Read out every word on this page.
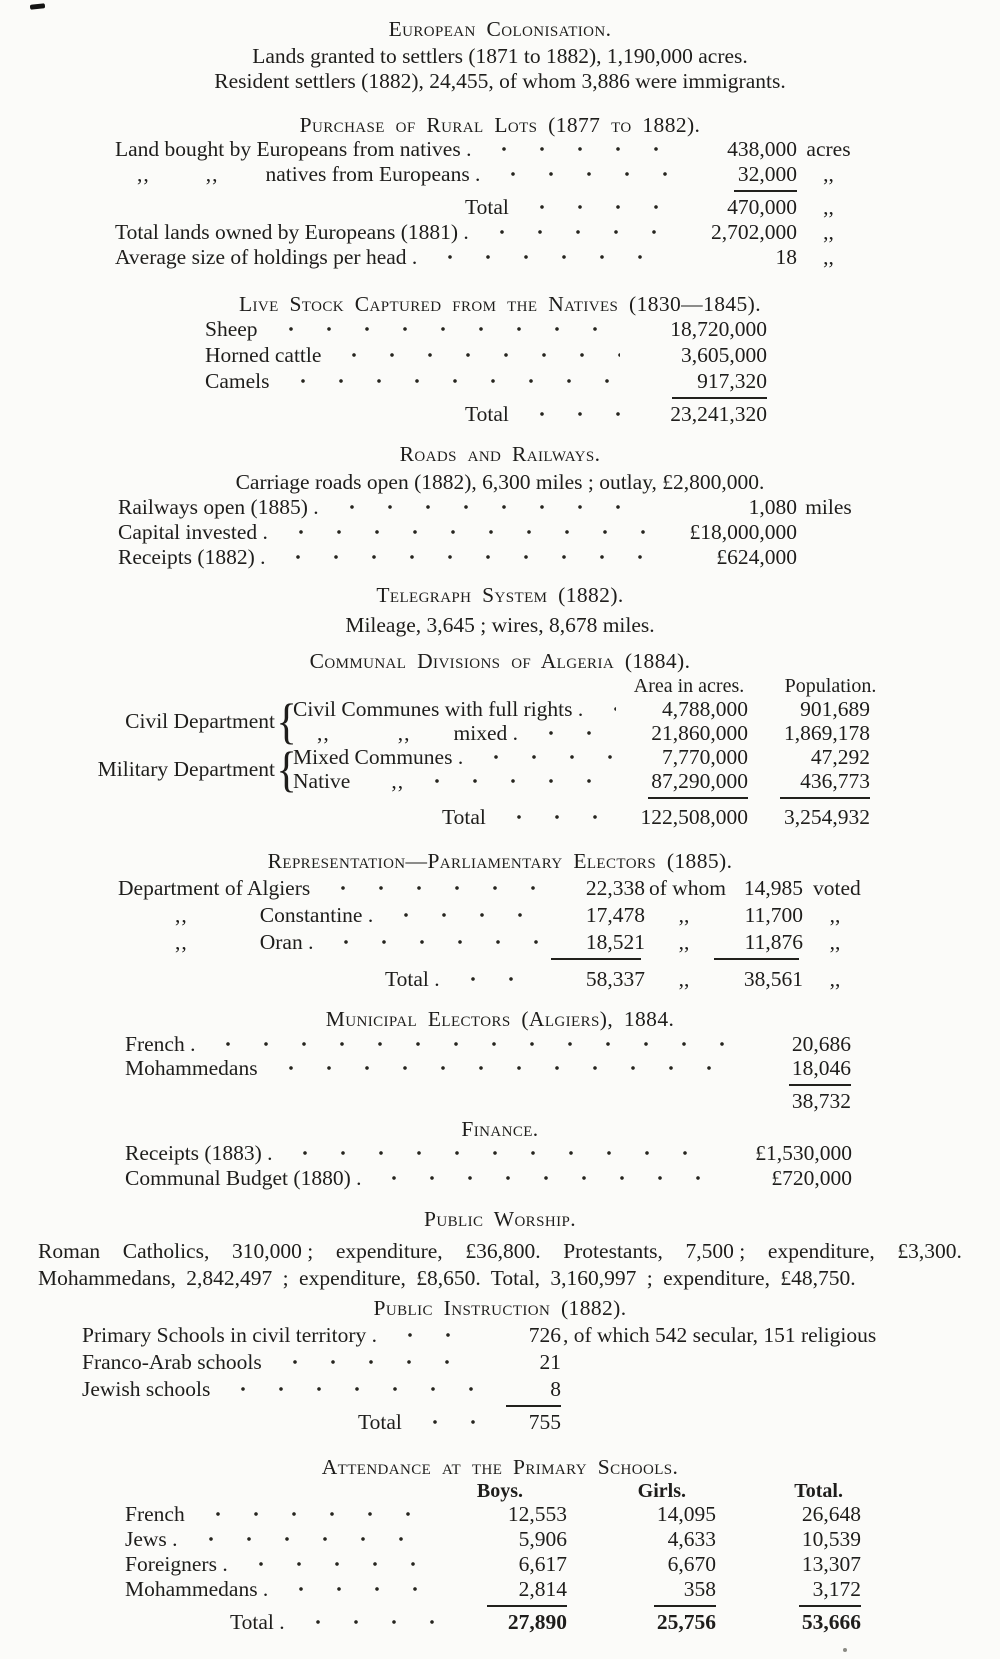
European Colonisation.
Lands granted to settlers (1871 to 1882), 1,190,000 acres.
Resident settlers (1882), 24,455, of whom 3,886 were immigrants.
Purchase of Rural Lots (1877 to 1882).
Land bought by Europeans from natives .	438,000 acres
,,	,, natives from Europeans .	32,000	,,
Total	470,000	,,
Total lands owned by Europeans (1881) .	2,702,000	,,
Average size of holdings per head .	18	,,
Live Stock Captured from the Natives (1830—1845).
Sheep	18,720,000
Horned cattle	3,605,000
Camels	917,320
Total	23,241,320
Roads and Railways.
Carriage roads open (1882), 6,300 miles ; outlay, £2,800,000.
Railways open (1885) .	1,080 miles
Capital invested .	£18,000,000
Receipts (1882) .	£624,000
Telegraph System (1882).
Mileage, 3,645 ; wires, 8,678 miles.
Communal Divisions of Algeria (1884).
Area in acres.	Population.
Civil Department {
Civil Communes with full rights .	4,788,000	901,689
,,	,, mixed .	21,860,000	1,869,178
Military Department {
Mixed Communes .	7,770,000	47,292
Native ,,	87,290,000	436,773
Total	122,508,000	3,254,932
Representation—Parliamentary Electors (1885).
Department of Algiers	22,338 of whom 14,985 voted
,,	Constantine .	17,478	,,	11,700	,,
,,	Oran .	18,521	,,	11,876	,,
Total .	58,337	,,	38,561	,,
Municipal Electors (Algiers), 1884.
French .	20,686
Mohammedans	18,046
38,732
Finance.
Receipts (1883) .	£1,530,000
Communal Budget (1880) .	£720,000
Public Worship.
Roman Catholics, 310,000 ; expenditure, £36,800. Protestants, 7,500 ; expenditure, £3,300.
Mohammedans, 2,842,497 ; expenditure, £8,650. Total, 3,160,997 ; expenditure, £48,750.
Public Instruction (1882).
Primary Schools in civil territory .	726 , of which 542 secular, 151 religious
Franco-Arab schools	21
Jewish schools	8
Total	755
Attendance at the Primary Schools.
Boys.	Girls.	Total.
French	12,553	14,095	26,648
Jews .	5,906	4,633	10,539
Foreigners .	6,617	6,670	13,307
Mohammedans .	2,814	358	3,172
Total .	27,890	25,756	53,666
